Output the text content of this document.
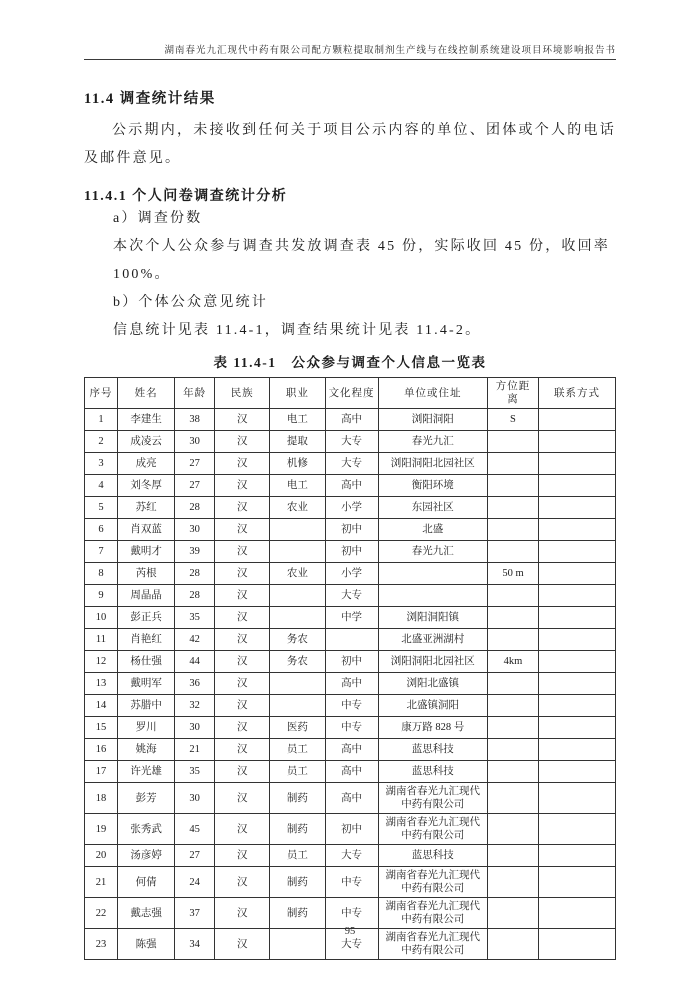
湖南春光九汇现代中药有限公司配方颗粒提取制剂生产线与在线控制系统建设项目环境影响报告书
11.4 调查统计结果

公示期内，未接收到任何关于项目公示内容的单位、团体或个人的电话及邮件意见。

11.4.1 个人问卷调查统计分析

a）调查份数

本次个人公众参与调查共发放调查表 45 份，实际收回 45 份，收回率 100%。

b）个体公众意见统计

信息统计见表 11.4-1，调查结果统计见表 11.4-2。

表 11.4-1　公众参与调查个人信息一览表
序号	姓名	年龄	民族	职业	文化程度	单位或住址	方位距离	联系方式
1	李建生	38	汉	电工	高中	浏阳洞阳	S	
2	成凌云	30	汉	提取	大专	春光九汇		
3	成亮	27	汉	机修	大专	浏阳洞阳北园社区		
4	刘冬厚	27	汉	电工	高中	衡阳环境		
5	苏红	28	汉	农业	小学	东园社区		
6	肖双蓝	30	汉		初中	北盛		
7	戴明才	39	汉		初中	春光九汇		
8	芮根	28	汉	农业	小学		50 m	
9	周晶晶	28	汉		大专			
10	彭正兵	35	汉		中学	浏阳洞阳镇		
11	肖艳红	42	汉	务农		北盛亚洲湖村		
12	杨仕强	44	汉	务农	初中	浏阳洞阳北园社区	4km	
13	戴明军	36	汉		高中	浏阳北盛镇		
14	苏腊中	32	汉		中专	北盛镇洞阳		
15	罗川	30	汉	医药	中专	康万路 828 号		
16	姚海	21	汉	员工	高中	蓝思科技		
17	许光雄	35	汉	员工	高中	蓝思科技		
18	彭芳	30	汉	制药	高中	湖南省春光九汇现代中药有限公司		
19	张秀武	45	汉	制药	初中	湖南省春光九汇现代中药有限公司		
20	汤彦婷	27	汉	员工	大专	蓝思科技		
21	何倩	24	汉	制药	中专	湖南省春光九汇现代中药有限公司		
22	戴志强	37	汉	制药	中专	湖南省春光九汇现代中药有限公司		
23	陈强	34	汉		大专	湖南省春光九汇现代中药有限公司		
95
